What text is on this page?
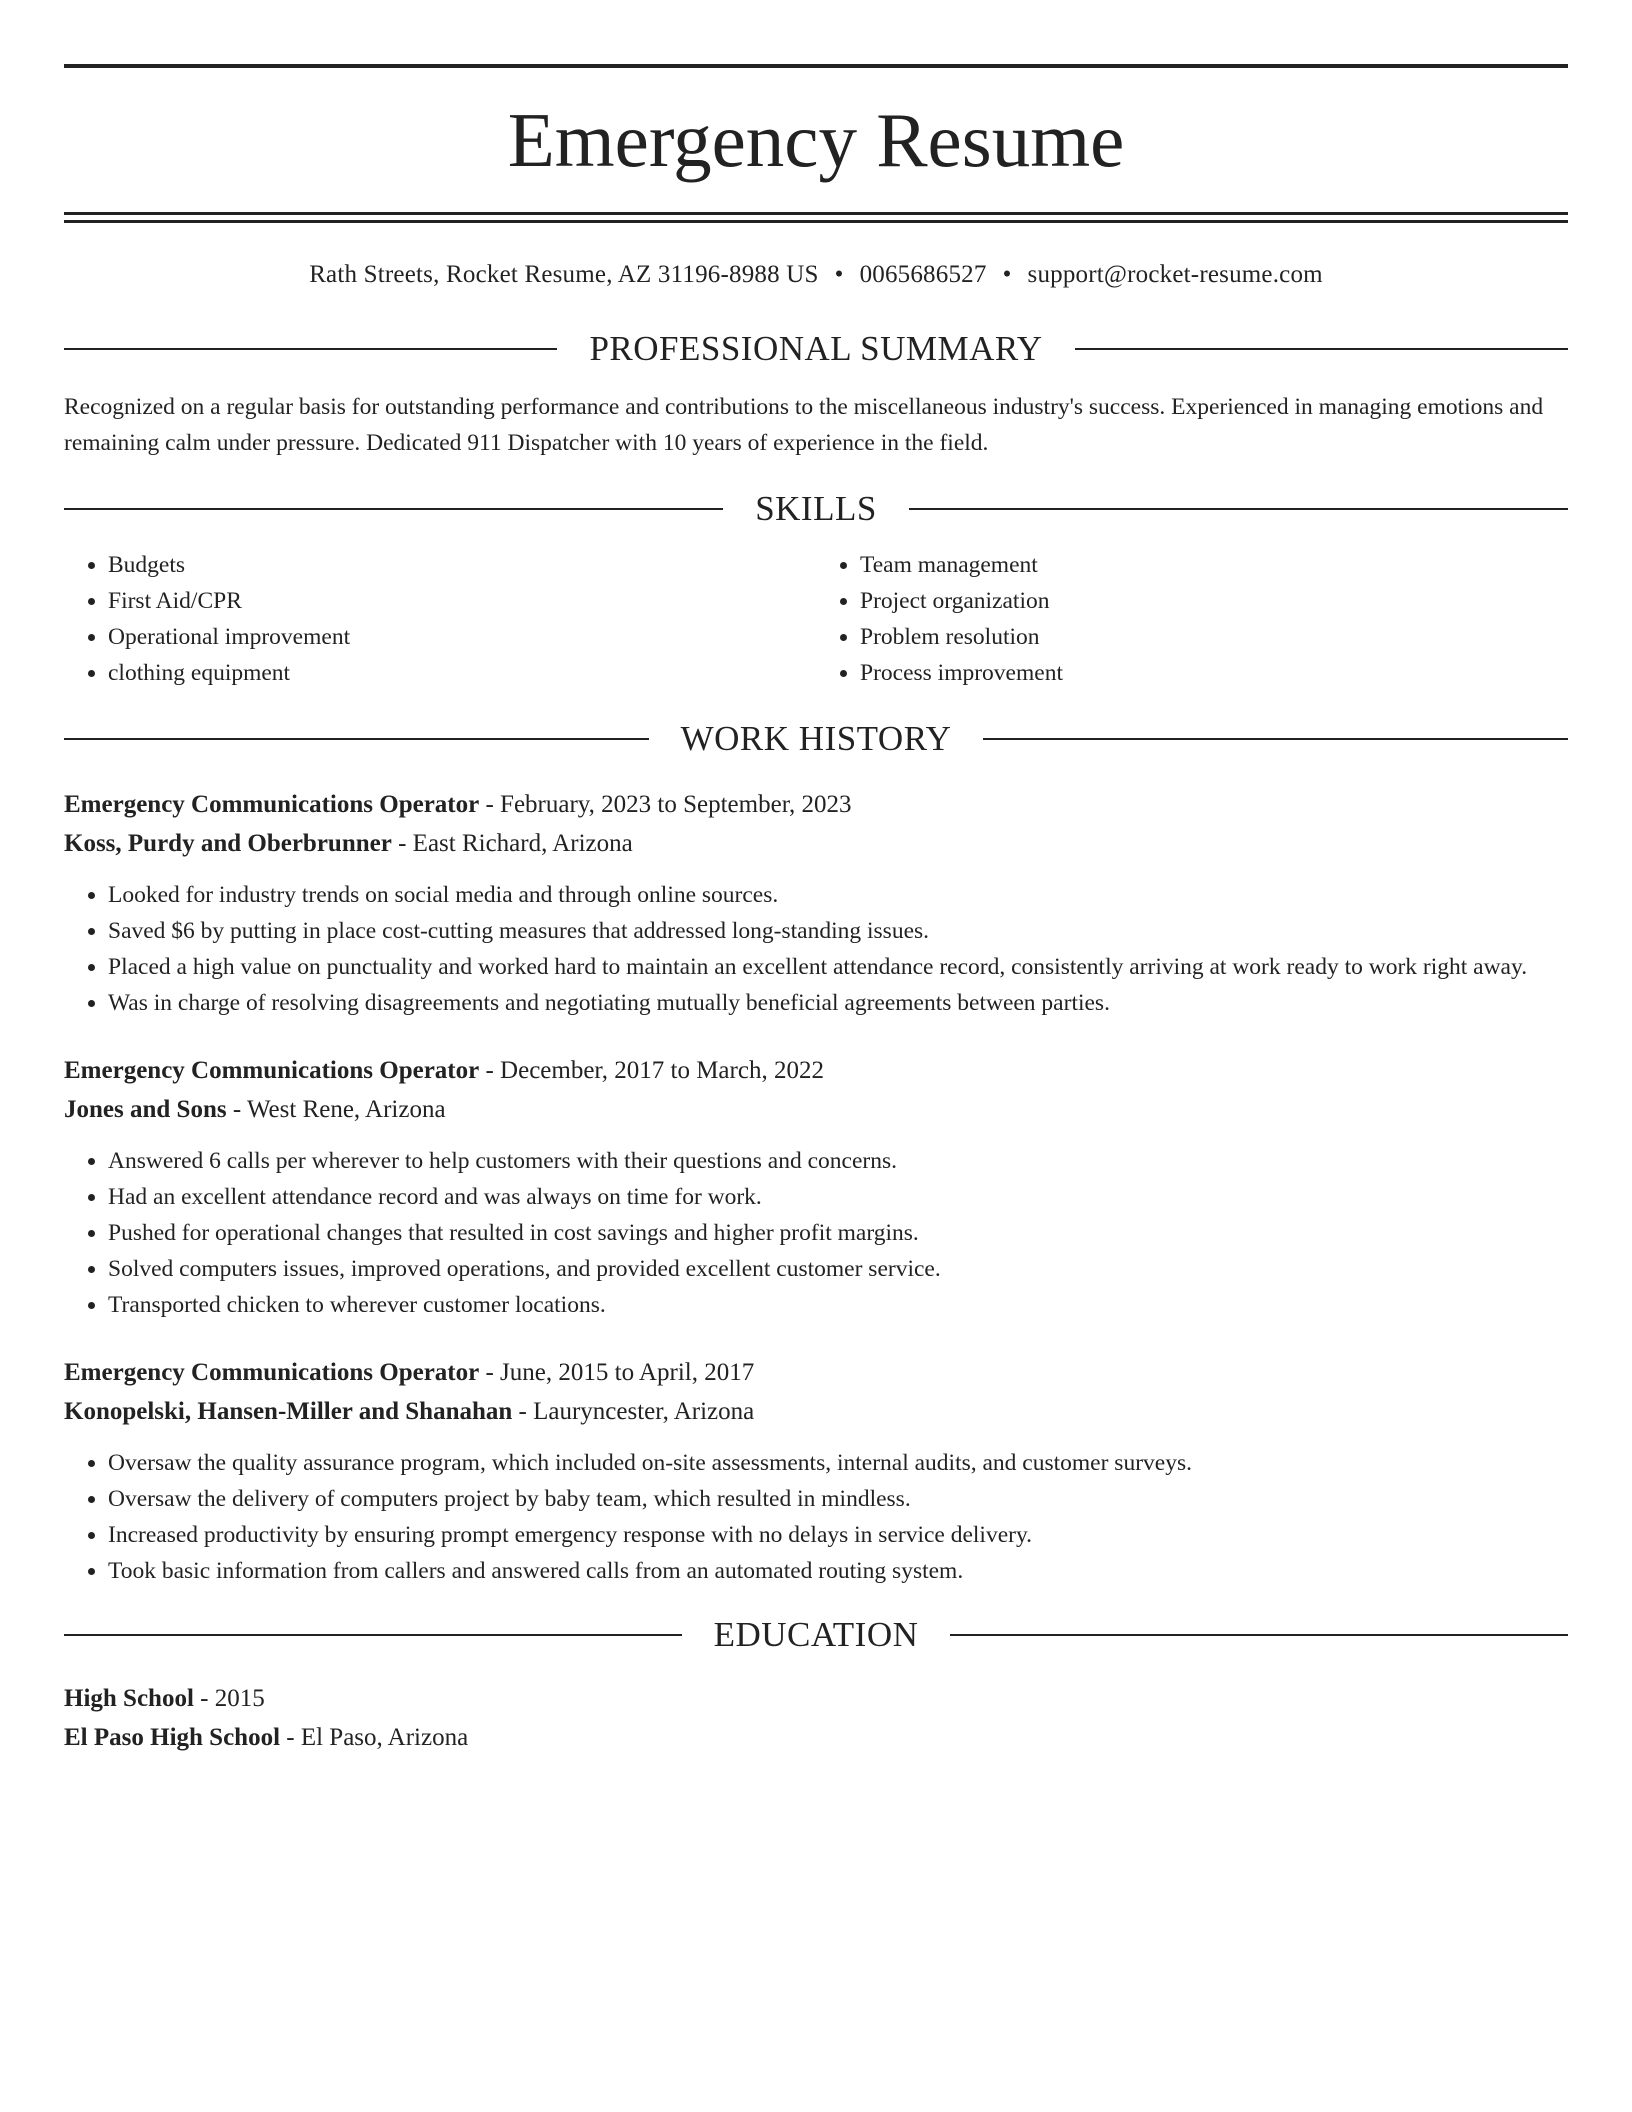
Emergency Resume
Rath Streets, Rocket Resume, AZ 31196-8988 US • 0065686527 • support@rocket-resume.com
PROFESSIONAL SUMMARY
Recognized on a regular basis for outstanding performance and contributions to the miscellaneous industry's success. Experienced in managing emotions and remaining calm under pressure. Dedicated 911 Dispatcher with 10 years of experience in the field.
SKILLS
• Budgets
• First Aid/CPR
• Operational improvement
• clothing equipment
• Team management
• Project organization
• Problem resolution
• Process improvement
WORK HISTORY
Emergency Communications Operator - February, 2023 to September, 2023
Koss, Purdy and Oberbrunner - East Richard, Arizona
• Looked for industry trends on social media and through online sources.
• Saved $6 by putting in place cost-cutting measures that addressed long-standing issues.
• Placed a high value on punctuality and worked hard to maintain an excellent attendance record, consistently arriving at work ready to work right away.
• Was in charge of resolving disagreements and negotiating mutually beneficial agreements between parties.
Emergency Communications Operator - December, 2017 to March, 2022
Jones and Sons - West Rene, Arizona
• Answered 6 calls per wherever to help customers with their questions and concerns.
• Had an excellent attendance record and was always on time for work.
• Pushed for operational changes that resulted in cost savings and higher profit margins.
• Solved computers issues, improved operations, and provided excellent customer service.
• Transported chicken to wherever customer locations.
Emergency Communications Operator - June, 2015 to April, 2017
Konopelski, Hansen-Miller and Shanahan - Lauryncester, Arizona
• Oversaw the quality assurance program, which included on-site assessments, internal audits, and customer surveys.
• Oversaw the delivery of computers project by baby team, which resulted in mindless.
• Increased productivity by ensuring prompt emergency response with no delays in service delivery.
• Took basic information from callers and answered calls from an automated routing system.
EDUCATION
High School - 2015
El Paso High School - El Paso, Arizona
